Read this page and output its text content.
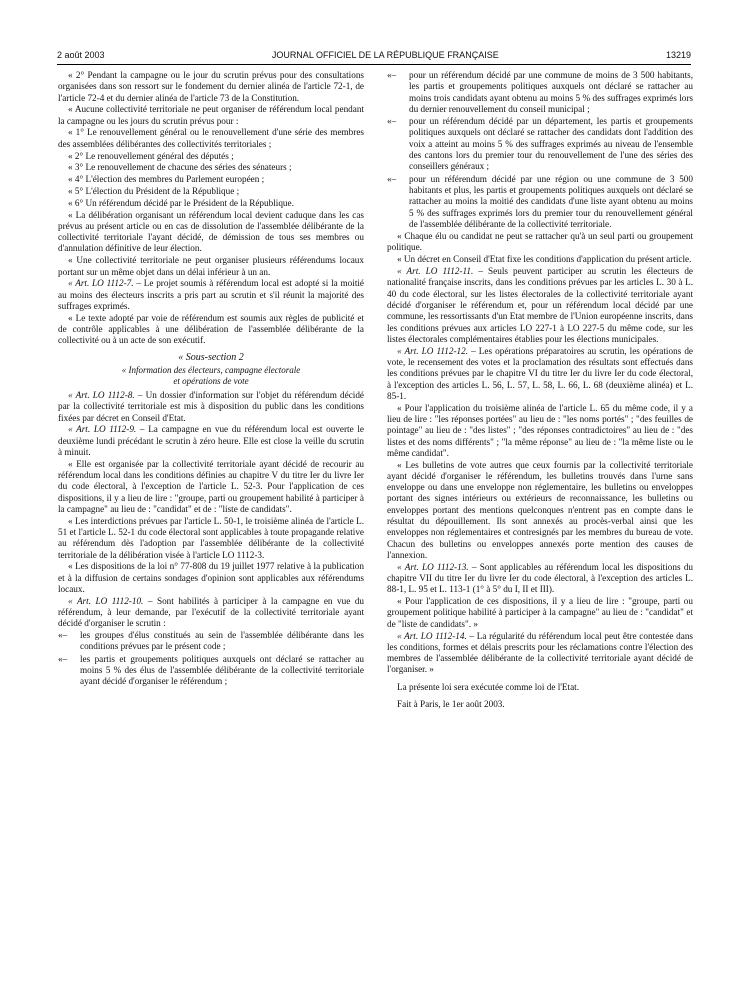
2 août 2003	JOURNAL OFFICIEL DE LA RÉPUBLIQUE FRANÇAISE	13219

« 2° Pendant la campagne ou le jour du scrutin prévus pour des consultations organisées dans son ressort sur le fondement du dernier alinéa de l'article 72-1, de l'article 72-4 et du dernier alinéa de l'article 73 de la Constitution.

« Aucune collectivité territoriale ne peut organiser de référendum local pendant la campagne ou les jours du scrutin prévus pour :

« 1° Le renouvellement général ou le renouvellement d'une série des membres des assemblées délibérantes des collectivités territoriales ;

« 2° Le renouvellement général des députés ;

« 3° Le renouvellement de chacune des séries des sénateurs ;

« 4° L'élection des membres du Parlement européen ;

« 5° L'élection du Président de la République ;

« 6° Un référendum décidé par le Président de la République.

« La délibération organisant un référendum local devient caduque dans les cas prévus au présent article ou en cas de dissolution de l'assemblée délibérante de la collectivité territoriale l'ayant décidé, de démission de tous ses membres ou d'annulation définitive de leur élection.

« Une collectivité territoriale ne peut organiser plusieurs référendums locaux portant sur un même objet dans un délai inférieur à un an.

« Art. LO 1112-7. – Le projet soumis à référendum local est adopté si la moitié au moins des électeurs inscrits a pris part au scrutin et s'il réunit la majorité des suffrages exprimés.

« Le texte adopté par voie de référendum est soumis aux règles de publicité et de contrôle applicables à une délibération de l'assemblée délibérante de la collectivité ou à un acte de son exécutif.

« Sous-section 2
« Information des électeurs, campagne électorale
et opérations de vote

« Art. LO 1112-8. – Un dossier d'information sur l'objet du référendum décidé par la collectivité territoriale est mis à disposition du public dans les conditions fixées par décret en Conseil d'Etat.

« Art. LO 1112-9. – La campagne en vue du référendum local est ouverte le deuxième lundi précédant le scrutin à zéro heure. Elle est close la veille du scrutin à minuit.

« Elle est organisée par la collectivité territoriale ayant décidé de recourir au référendum local dans les conditions définies au chapitre V du titre Ier du livre Ier du code électoral, à l'exception de l'article L. 52-3. Pour l'application de ces dispositions, il y a lieu de lire : "groupe, parti ou groupement habilité à participer à la campagne" au lieu de : "candidat" et de : "liste de candidats".

« Les interdictions prévues par l'article L. 50-1, le troisième alinéa de l'article L. 51 et l'article L. 52-1 du code électoral sont applicables à toute propagande relative au référendum dès l'adoption par l'assemblée délibérante de la collectivité territoriale de la délibération visée à l'article LO 1112-3.

« Les dispositions de la loi n° 77-808 du 19 juillet 1977 relative à la publication et à la diffusion de certains sondages d'opinion sont applicables aux référendums locaux.

« Art. LO 1112-10. – Sont habilités à participer à la campagne en vue du référendum, à leur demande, par l'exécutif de la collectivité territoriale ayant décidé d'organiser le scrutin :

«– les groupes d'élus constitués au sein de l'assemblée délibérante dans les conditions prévues par le présent code ;

«– les partis et groupements politiques auxquels ont déclaré se rattacher au moins 5 % des élus de l'assemblée délibérante de la collectivité territoriale ayant décidé d'organiser le référendum ;

«– pour un référendum décidé par une commune de moins de 3 500 habitants, les partis et groupements politiques auxquels ont déclaré se rattacher au moins trois candidats ayant obtenu au moins 5 % des suffrages exprimés lors du dernier renouvellement du conseil municipal ;

«– pour un référendum décidé par un département, les partis et groupements politiques auxquels ont déclaré se rattacher des candidats dont l'addition des voix a atteint au moins 5 % des suffrages exprimés au niveau de l'ensemble des cantons lors du premier tour du renouvellement de l'une des séries des conseillers généraux ;

«– pour un référendum décidé par une région ou une commune de 3 500 habitants et plus, les partis et groupements politiques auxquels ont déclaré se rattacher au moins la moitié des candidats d'une liste ayant obtenu au moins 5 % des suffrages exprimés lors du premier tour du renouvellement général de l'assemblée délibérante de la collectivité territoriale.

« Chaque élu ou candidat ne peut se rattacher qu'à un seul parti ou groupement politique.

« Un décret en Conseil d'Etat fixe les conditions d'application du présent article.

« Art. LO 1112-11. – Seuls peuvent participer au scrutin les électeurs de nationalité française inscrits, dans les conditions prévues par les articles L. 30 à L. 40 du code électoral, sur les listes électorales de la collectivité territoriale ayant décidé d'organiser le référendum et, pour un référendum local décidé par une commune, les ressortissants d'un Etat membre de l'Union européenne inscrits, dans les conditions prévues aux articles LO 227-1 à LO 227-5 du même code, sur les listes électorales complémentaires établies pour les élections municipales.

« Art. LO 1112-12. – Les opérations préparatoires au scrutin, les opérations de vote, le recensement des votes et la proclamation des résultats sont effectués dans les conditions prévues par le chapitre VI du titre Ier du livre Ier du code électoral, à l'exception des articles L. 56, L. 57, L. 58, L. 66, L. 68 (deuxième alinéa) et L. 85-1.

« Pour l'application du troisième alinéa de l'article L. 65 du même code, il y a lieu de lire : "les réponses portées" au lieu de : "les noms portés" ; "des feuilles de pointage" au lieu de : "des listes" ; "des réponses contradictoires" au lieu de : "des listes et des noms différents" ; "la même réponse" au lieu de : "la même liste ou le même candidat".

« Les bulletins de vote autres que ceux fournis par la collectivité territoriale ayant décidé d'organiser le référendum, les bulletins trouvés dans l'urne sans enveloppe ou dans une enveloppe non réglementaire, les bulletins ou enveloppes portant des signes intérieurs ou extérieurs de reconnaissance, les bulletins ou enveloppes portant des mentions quelconques n'entrent pas en compte dans le résultat du dépouillement. Ils sont annexés au procès-verbal ainsi que les enveloppes non réglementaires et contresignés par les membres du bureau de vote. Chacun des bulletins ou enveloppes annexés porte mention des causes de l'annexion.

« Art. LO 1112-13. – Sont applicables au référendum local les dispositions du chapitre VII du titre Ier du livre Ier du code électoral, à l'exception des articles L. 88-1, L. 95 et L. 113-1 (1° à 5° du I, II et III).

« Pour l'application de ces dispositions, il y a lieu de lire : "groupe, parti ou groupement politique habilité à participer à la campagne" au lieu de : "candidat" et de "liste de candidats". »

« Art. LO 1112-14. – La régularité du référendum local peut être contestée dans les conditions, formes et délais prescrits pour les réclamations contre l'élection des membres de l'assemblée délibérante de la collectivité territoriale ayant décidé de l'organiser. »

La présente loi sera exécutée comme loi de l'Etat.

Fait à Paris, le 1er août 2003.
